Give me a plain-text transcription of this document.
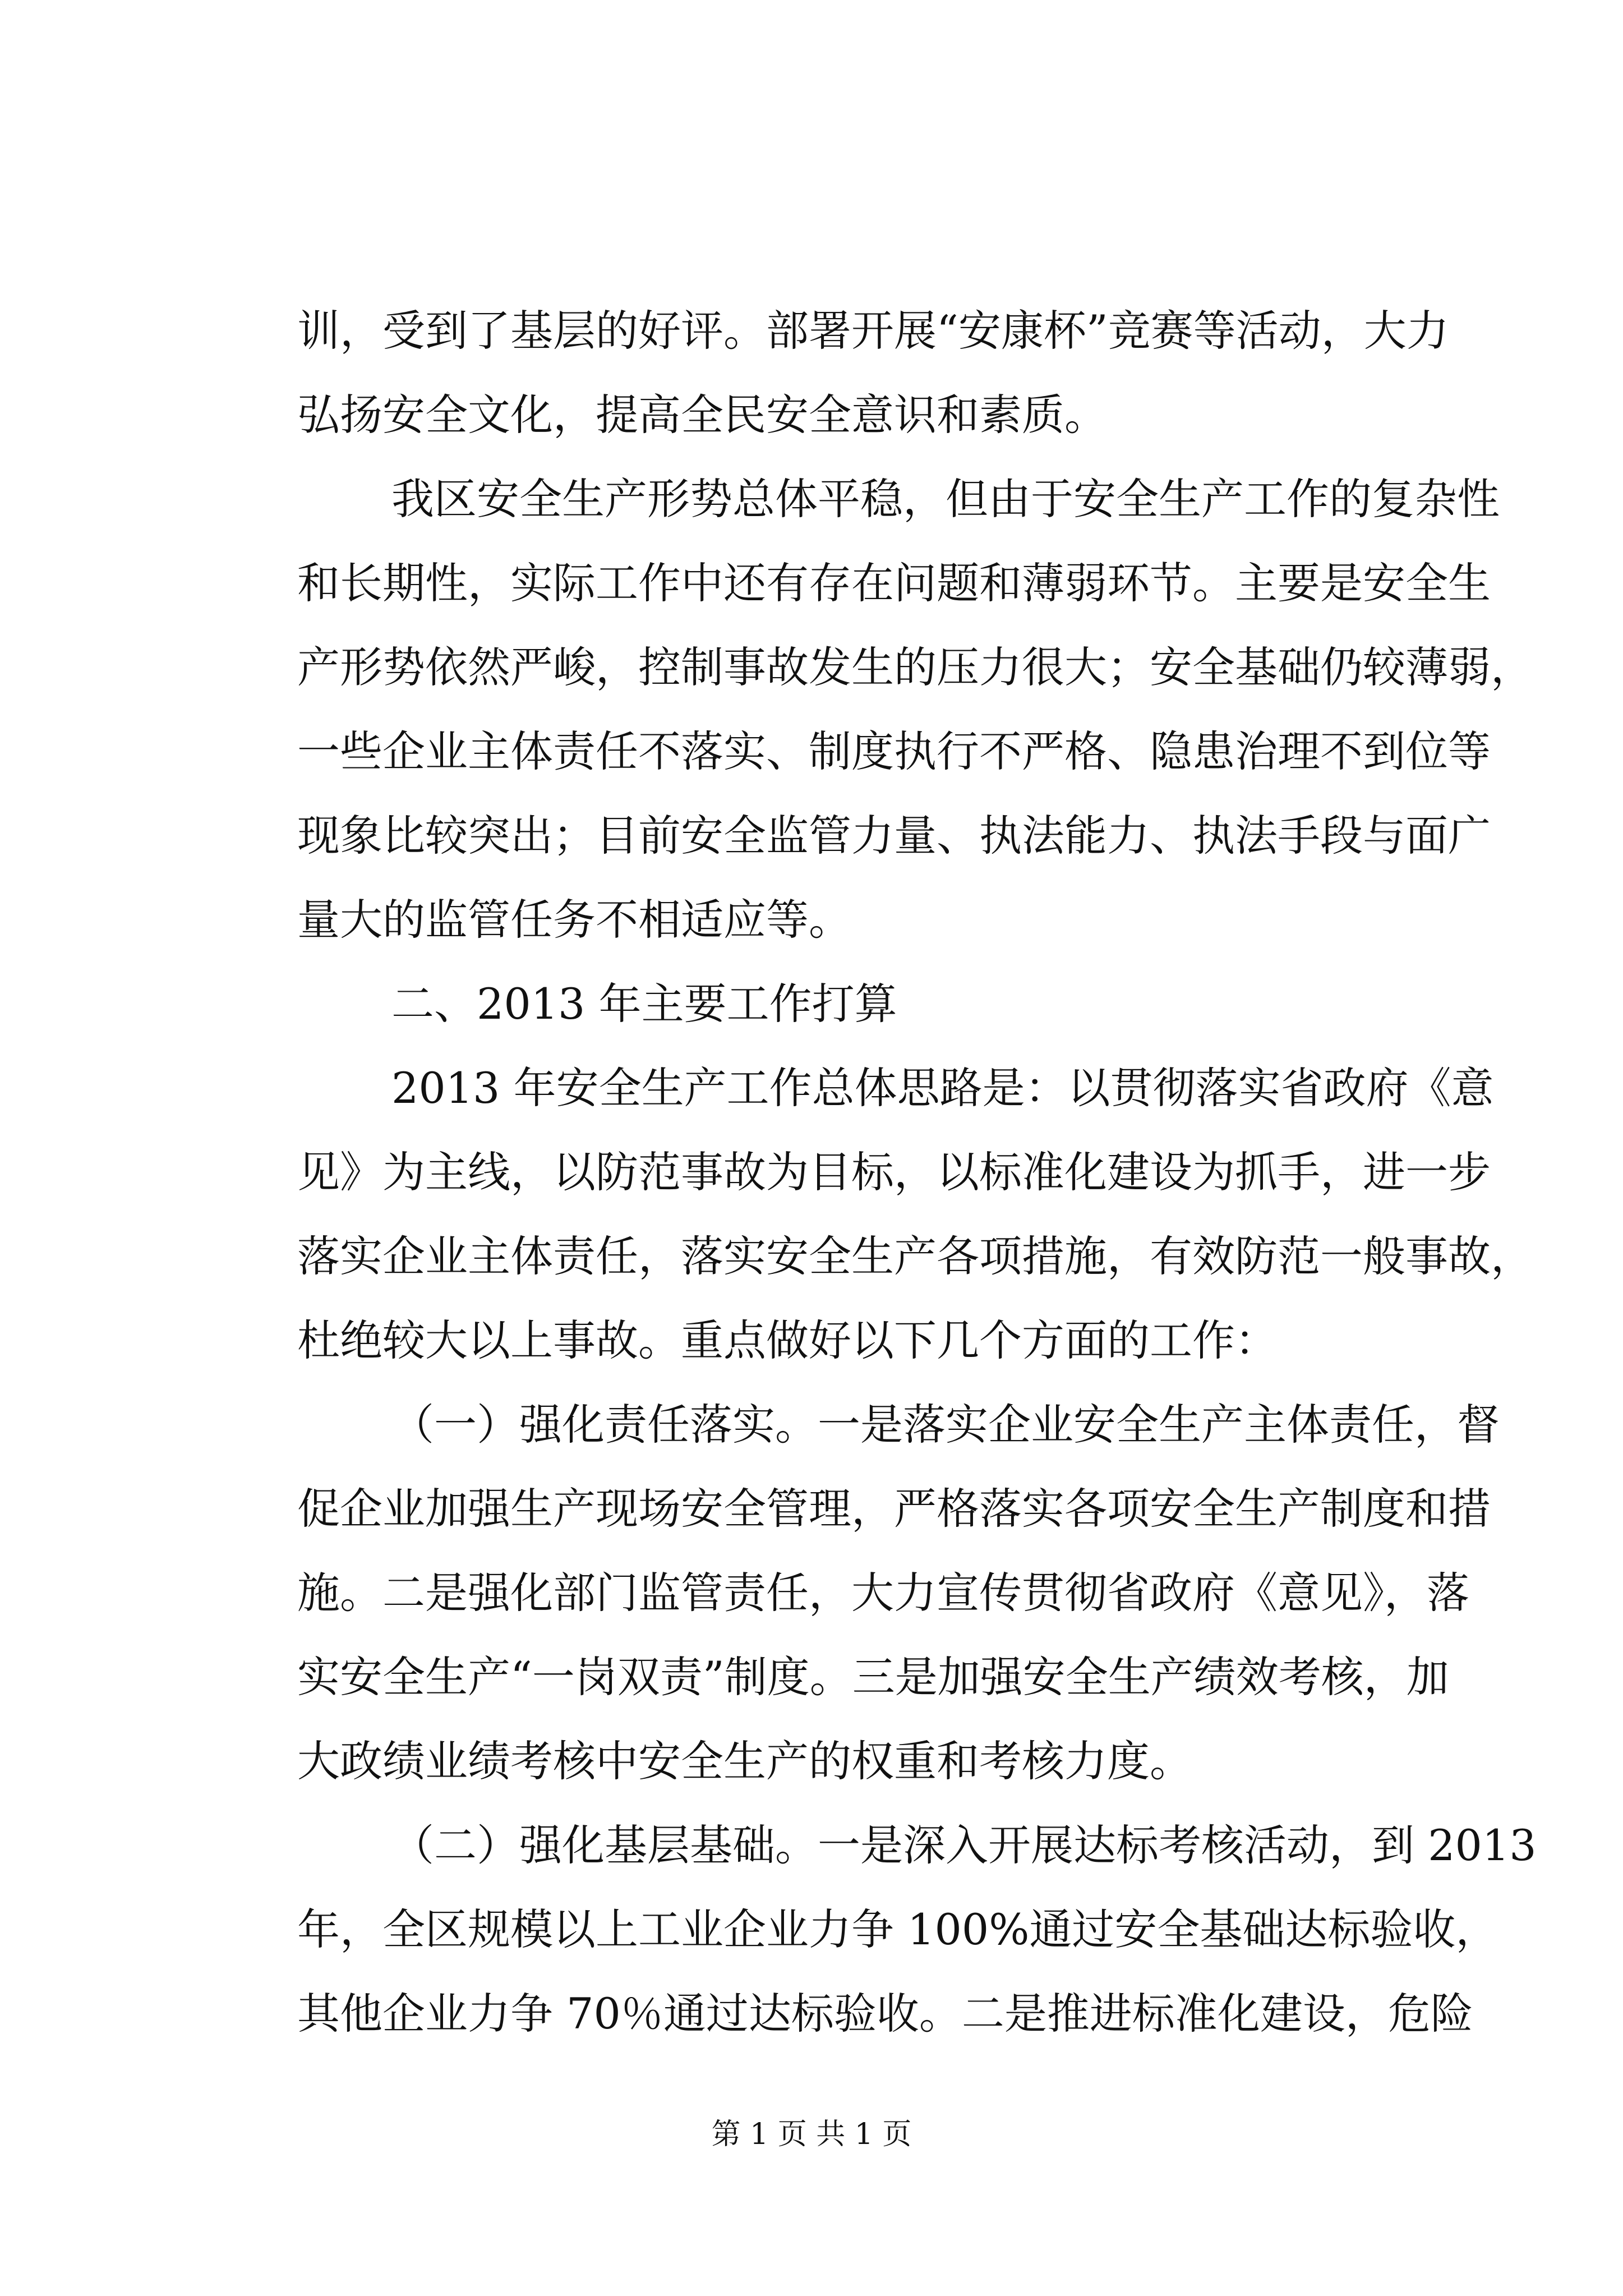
训，受到了基层的好评。部署开展“安康杯”竞赛等活动，大力
弘扬安全文化，提高全民安全意识和素质。
我区安全生产形势总体平稳，但由于安全生产工作的复杂性
和长期性，实际工作中还有存在问题和薄弱环节。主要是安全生
产形势依然严峻，控制事故发生的压力很大；安全基础仍较薄弱，
一些企业主体责任不落实、制度执行不严格、隐患治理不到位等
现象比较突出；目前安全监管力量、执法能力、执法手段与面广
量大的监管任务不相适应等。
二、2013 年主要工作打算
2013 年安全生产工作总体思路是：以贯彻落实省政府《意
见》为主线，以防范事故为目标，以标准化建设为抓手，进一步
落实企业主体责任，落实安全生产各项措施，有效防范一般事故，
杜绝较大以上事故。重点做好以下几个方面的工作：
（一）强化责任落实。一是落实企业安全生产主体责任，督
促企业加强生产现场安全管理，严格落实各项安全生产制度和措
施。二是强化部门监管责任，大力宣传贯彻省政府《意见》，落
实安全生产“一岗双责”制度。三是加强安全生产绩效考核，加
大政绩业绩考核中安全生产的权重和考核力度。
（二）强化基层基础。一是深入开展达标考核活动，到 2013
年，全区规模以上工业企业力争 100%通过安全基础达标验收，
其他企业力争 70％通过达标验收。二是推进标准化建设，危险
第 1 页 共 1 页
